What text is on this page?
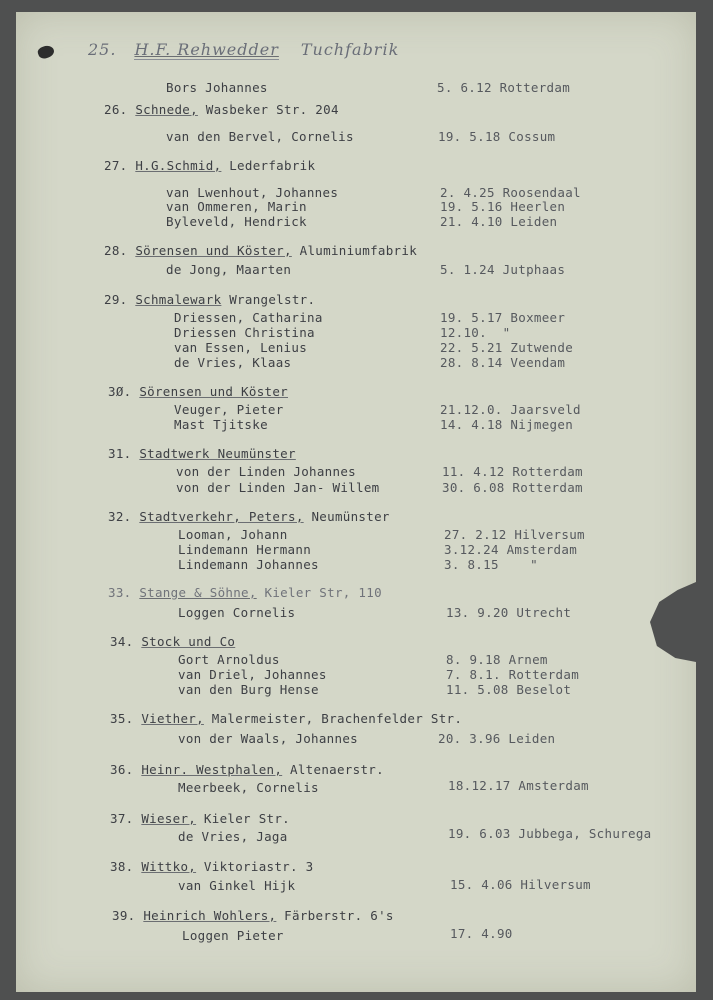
25. H.F. Rehwedder Tuchfabrik
Bors Johannes	5. 6.12 Rotterdam
26. Schnede, Wasbeker Str. 204
van den Bervel, Cornelis	19. 5.18 Cossum
27. H.G.Schmid, Lederfabrik
van Lwenhout, Johannes	2. 4.25 Roosendaal
van Ommeren, Marin	19. 5.16 Heerlen
Byleveld, Hendrick	21. 4.10 Leiden
28. Sörensen und Köster, Aluminiumfabrik
de Jong, Maarten	5. 1.24 Jutphaas
29. Schmalewark Wrangelstr.
Driessen, Catharina	19. 5.17 Boxmeer
Driessen Christina	12.10.  "
van Essen, Lenius	22. 5.21 Zutwende
de Vries, Klaas	28. 8.14 Veendam
3Ø. Sörensen und Köster
Veuger, Pieter	21.12.0. Jaarsveld
Mast Tjitske	14. 4.18 Nijmegen
31. Stadtwerk Neumünster
von der Linden Johannes	11. 4.12 Rotterdam
von der Linden Jan- Willem	30. 6.08 Rotterdam
32. Stadtverkehr, Peters, Neumünster
Looman, Johann	27. 2.12 Hilversum
Lindemann Hermann	3.12.24 Amsterdam
Lindemann Johannes	3. 8.15    "
33. Stange & Söhne, Kieler Str, 110
Loggen Cornelis	13. 9.20 Utrecht
34. Stock und Co
Gort Arnoldus	8. 9.18 Arnem
van Driel, Johannes	7. 8.1. Rotterdam
van den Burg Hense	11. 5.08 Beselot
35. Viether, Malermeister, Brachenfelder Str.
von der Waals, Johannes	20. 3.96 Leiden
36. Heinr. Westphalen, Altenaerstr.
Meerbeek, Cornelis	18.12.17 Amsterdam
37. Wieser, Kieler Str.
de Vries, Jaga	19. 6.03 Jubbega, Schurega
38. Wittko, Viktoriastr. 3
van Ginkel Hijk	15. 4.06 Hilversum
39. Heinrich Wohlers, Färberstr. 6's
Loggen Pieter	17. 4.90
